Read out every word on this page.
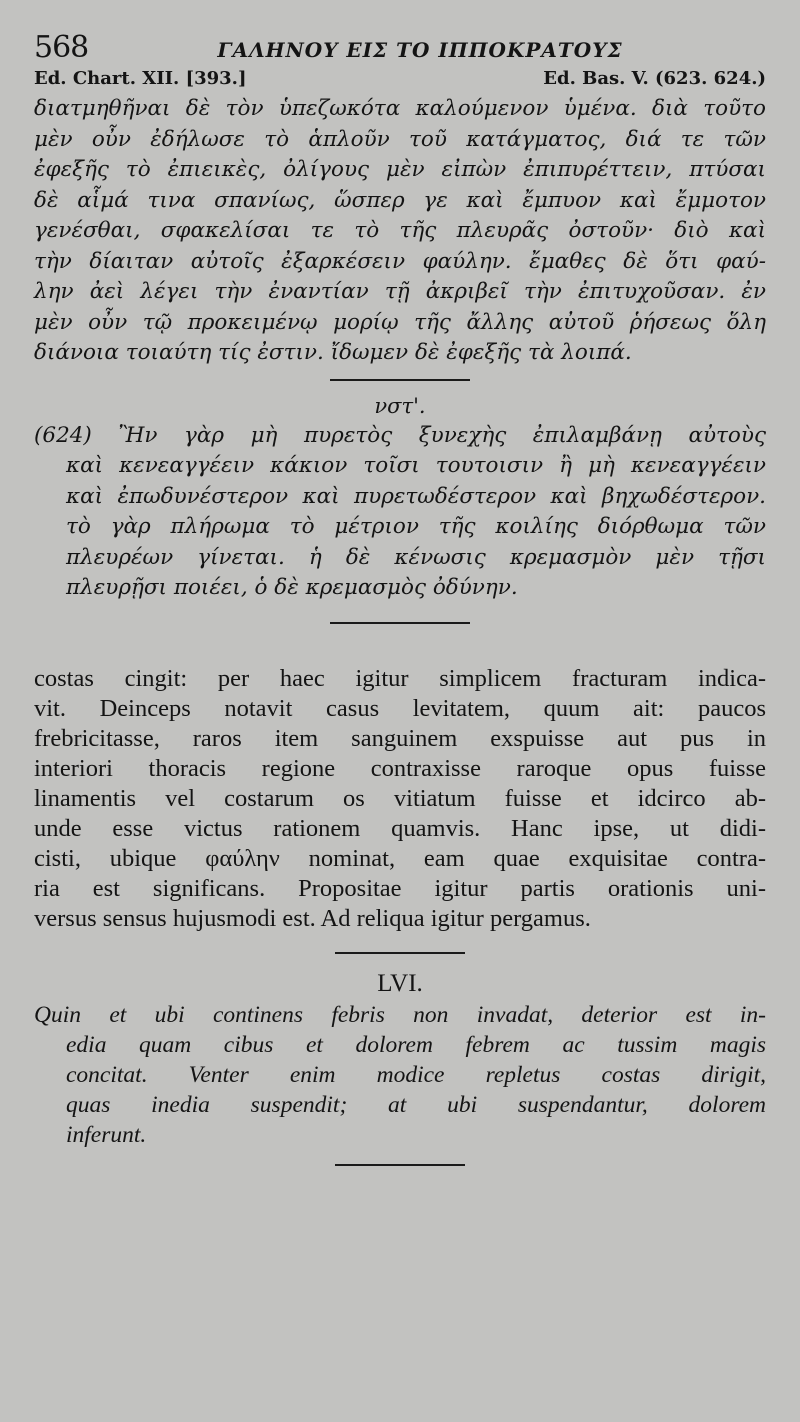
568	ΓΑΛΗΝΟΥ ΕΙΣ ΤΟ ΙΠΠΟΚΡΑΤΟΥΣ
Ed. Chart. XII. [393.]	Ed. Bas. V. (623. 624.)
διατμηθῆναι δὲ τὸν ὑπεζωκότα καλούμενον ὑμένα. διὰ τοῦτο
μὲν οὖν ἐδήλωσε τὸ ἁπλοῦν τοῦ κατάγματος, διά τε τῶν
ἐφεξῆς τὸ ἐπιεικὲς, ὀλίγους μὲν εἰπὼν ἐπιπυρέττειν, πτύσαι
δὲ αἷμά τινα σπανίως, ὥσπερ γε καὶ ἔμπυον καὶ ἔμμοτον
γενέσθαι, σφακελίσαι τε τὸ τῆς πλευρᾶς ὀστοῦν· διὸ καὶ
τὴν δίαιταν αὐτοῖς ἐξαρκέσειν φαύλην. ἔμαθες δὲ ὅτι φαύ-
λην ἀεὶ λέγει τὴν ἐναντίαν τῇ ἀκριβεῖ τὴν ἐπιτυχοῦσαν. ἐν
μὲν οὖν τῷ προκειμένῳ μορίῳ τῆς ἄλλης αὐτοῦ ῥήσεως ὅλη
διάνοια τοιαύτη τίς ἐστιν. ἴδωμεν δὲ ἐφεξῆς τὰ λοιπά.
νστ'.
(624) Ἢν γὰρ μὴ πυρετὸς ξυνεχὴς ἐπιλαμβάνῃ αὐτοὺς
καὶ κενεαγγέειν κάκιον τοῖσι τουτοισιν ἢ μὴ κενεαγγέειν
καὶ ἐπωδυνέστερον καὶ πυρετωδέστερον καὶ βηχωδέστερον.
τὸ γὰρ πλήρωμα τὸ μέτριον τῆς κοιλίης διόρθωμα τῶν
πλευρέων γίνεται. ἡ δὲ κένωσις κρεμασμὸν μὲν τῇσι
πλευρῇσι ποιέει, ὁ δὲ κρεμασμὸς ὀδύνην.
costas cingit: per haec igitur simplicem fracturam indica-
vit. Deinceps notavit casus levitatem, quum ait: paucos
frebricitasse, raros item sanguinem exspuisse aut pus in
interiori thoracis regione contraxisse raroque opus fuisse
linamentis vel costarum os vitiatum fuisse et idcirco ab-
unde esse victus rationem quamvis. Hanc ipse, ut didi-
cisti, ubique φαύλην nominat, eam quae exquisitae contra-
ria est significans. Propositae igitur partis orationis uni-
versus sensus hujusmodi est. Ad reliqua igitur pergamus.
LVI.
Quin et ubi continens febris non invadat, deterior est in-
edia quam cibus et dolorem febrem ac tussim magis
concitat. Venter enim modice repletus costas dirigit,
quas inedia suspendit; at ubi suspendantur, dolorem
inferunt.
